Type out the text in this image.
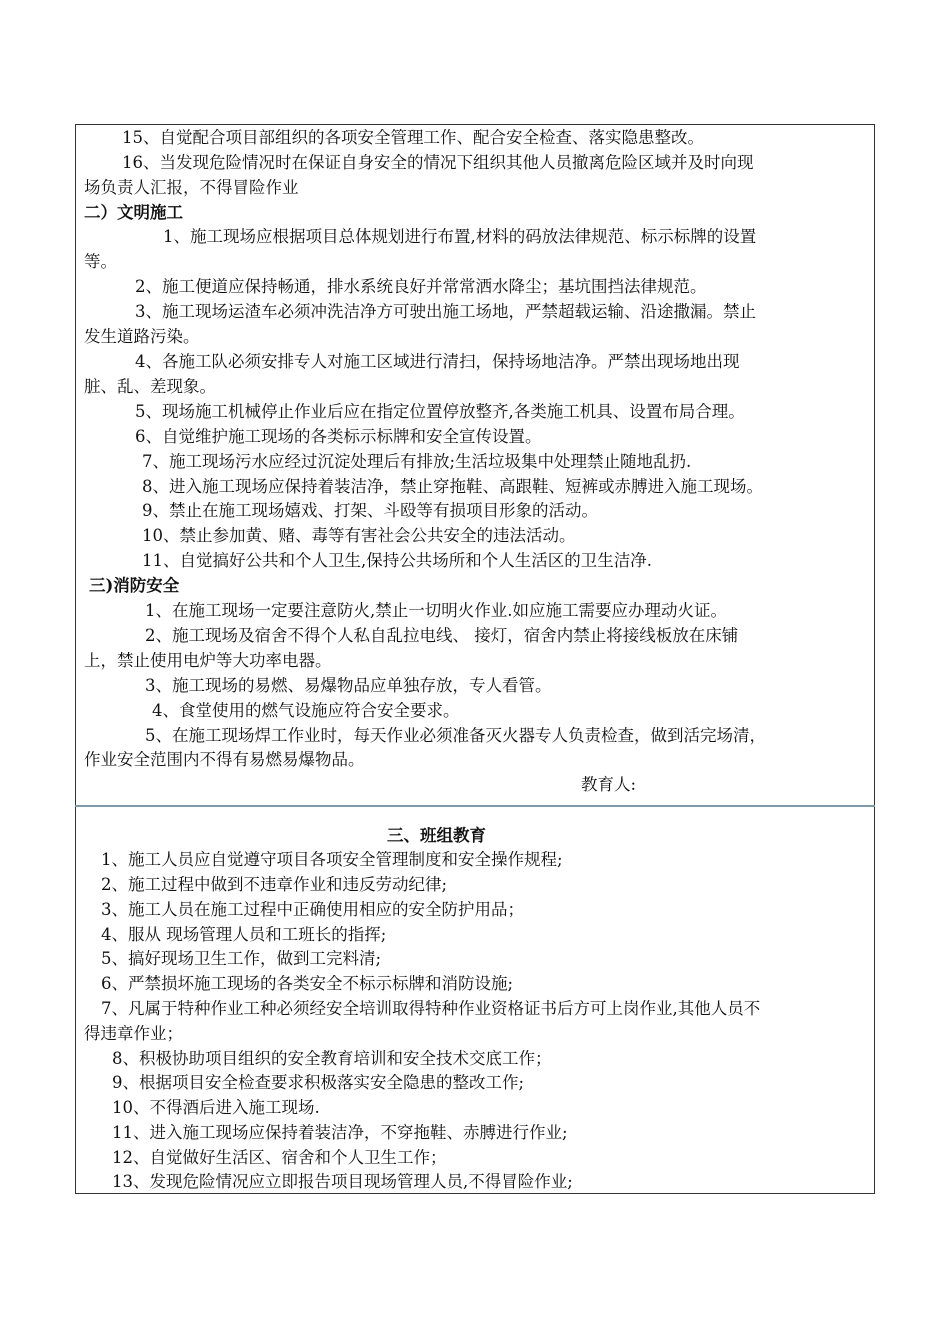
15、自觉配合项目部组织的各项安全管理工作、配合安全检查、落实隐患整改。
16、当发现危险情况时在保证自身安全的情况下组织其他人员撤离危险区域并及时向现
场负责人汇报，不得冒险作业
二）文明施工
1、施工现场应根据项目总体规划进行布置,材料的码放法律规范、标示标牌的设置
等。
2、施工便道应保持畅通，排水系统良好并常常洒水降尘；基坑围挡法律规范。
3、施工现场运渣车必须冲洗洁净方可驶出施工场地，严禁超载运输、沿途撒漏。禁止
发生道路污染。
4、各施工队必须安排专人对施工区域进行清扫，保持场地洁净。严禁出现场地出现
脏、乱、差现象。
5、现场施工机械停止作业后应在指定位置停放整齐,各类施工机具、设置布局合理。
6、自觉维护施工现场的各类标示标牌和安全宣传设置。
7、施工现场污水应经过沉淀处理后有排放;生活垃圾集中处理禁止随地乱扔.
8、进入施工现场应保持着装洁净，禁止穿拖鞋、高跟鞋、短裤或赤膊进入施工现场。
9、禁止在施工现场嬉戏、打架、斗殴等有损项目形象的活动。
10、禁止参加黄、赌、毒等有害社会公共安全的违法活动。
11、自觉搞好公共和个人卫生,保持公共场所和个人生活区的卫生洁净.
三)消防安全
1、在施工现场一定要注意防火,禁止一切明火作业.如应施工需要应办理动火证。
2、施工现场及宿舍不得个人私自乱拉电线、 接灯，宿舍内禁止将接线板放在床铺
上，禁止使用电炉等大功率电器。
3、施工现场的易燃、易爆物品应单独存放，专人看管。
4、食堂使用的燃气设施应符合安全要求。
5、在施工现场焊工作业时，每天作业必须准备灭火器专人负责检查，做到活完场清，
作业安全范围内不得有易燃易爆物品。
教育人:
三、班组教育
1、施工人员应自觉遵守项目各项安全管理制度和安全操作规程;
2、施工过程中做到不违章作业和违反劳动纪律;
3、施工人员在施工过程中正确使用相应的安全防护用品；
4、服从 现场管理人员和工班长的指挥;
5、搞好现场卫生工作，做到工完料清;
6、严禁损坏施工现场的各类安全不标示标牌和消防设施;
7、凡属于特种作业工种必须经安全培训取得特种作业资格证书后方可上岗作业,其他人员不
得违章作业；
8、积极协助项目组织的安全教育培训和安全技术交底工作；
9、根据项目安全检查要求积极落实安全隐患的整改工作;
10、不得酒后进入施工现场.
11、进入施工现场应保持着装洁净，不穿拖鞋、赤膊进行作业;
12、自觉做好生活区、宿舍和个人卫生工作；
13、发现危险情况应立即报告项目现场管理人员,不得冒险作业;
